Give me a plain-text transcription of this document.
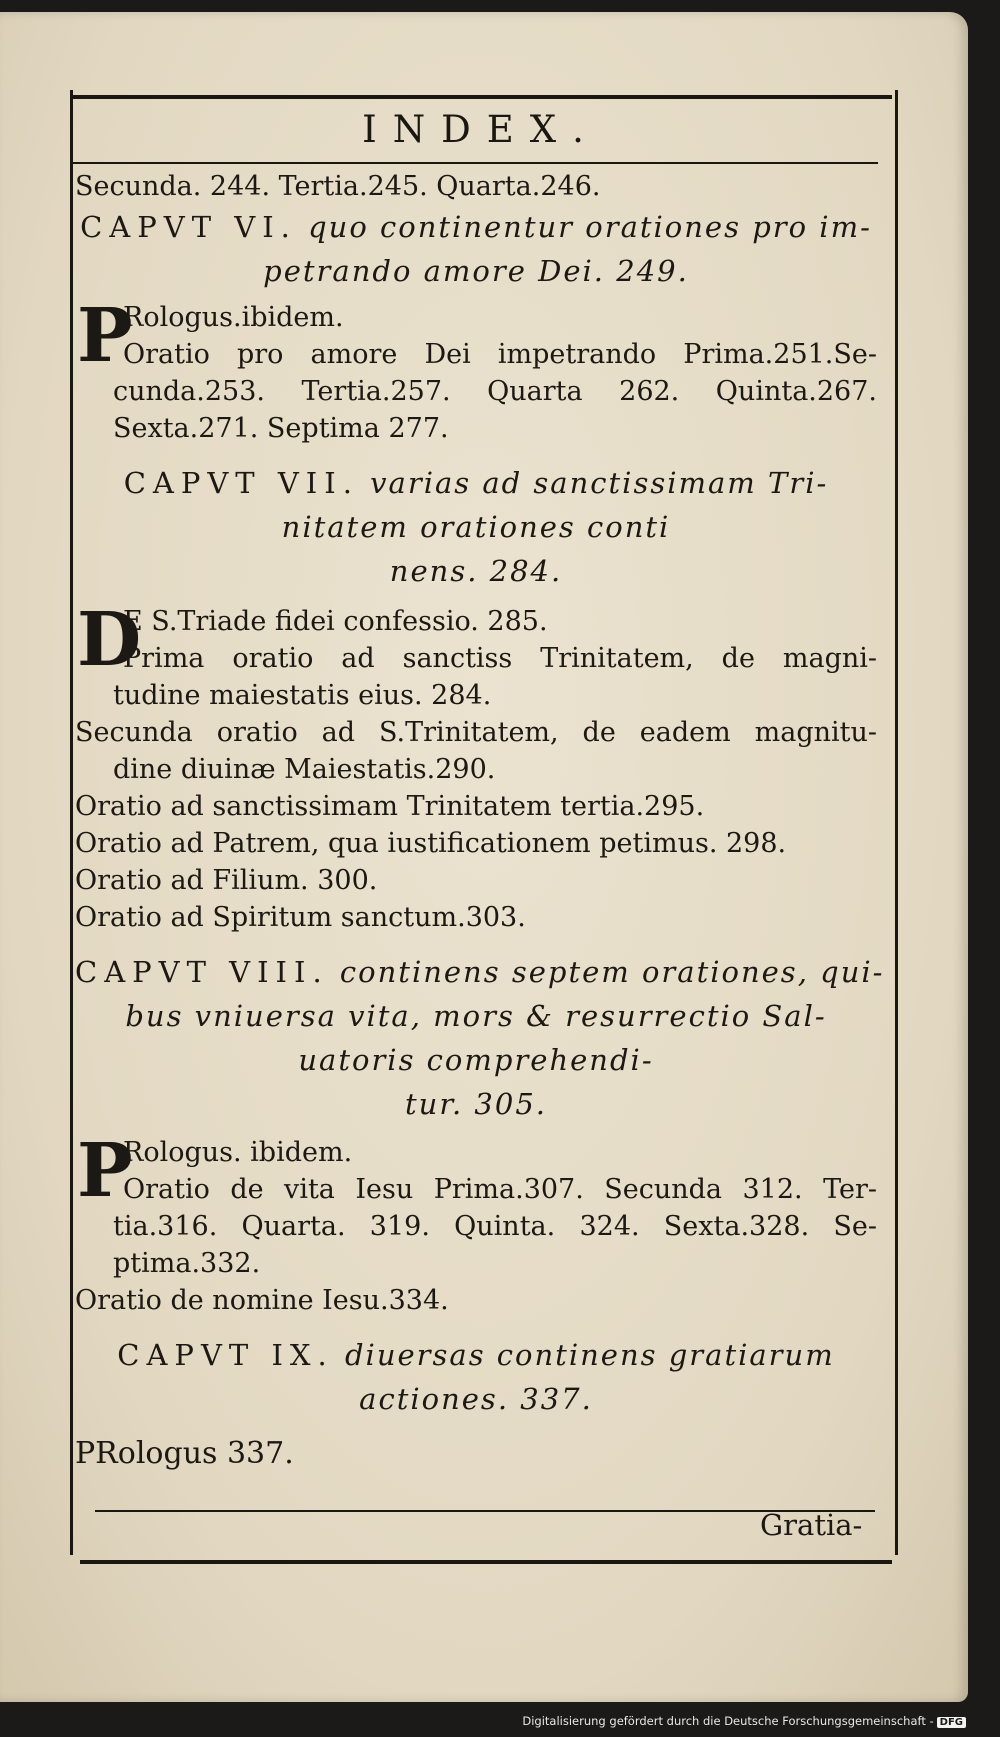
INDEX.
Secunda. 244. Tertia.245. Quarta.246.
CAPVT VI. quo continentur orationes pro im-
petrando amore Dei. 249.
P
Rologus.ibidem.
Oratio pro amore Dei impetrando Prima.251.Se-
cunda.253. Tertia.257. Quarta 262. Quinta.267.
Sexta.271. Septima 277.
CAPVT VII. varias ad sanctissimam Tri-
nitatem orationes conti
nens. 284.
D
E S.Triade fidei confessio. 285.
Prima oratio ad sanctiss Trinitatem, de magni-
tudine maiestatis eius. 284.
Secunda oratio ad S.Trinitatem, de eadem magnitu-
dine diuinæ Maiestatis.290.
Oratio ad sanctissimam Trinitatem tertia.295.
Oratio ad Patrem, qua iustificationem petimus. 298.
Oratio ad Filium. 300.
Oratio ad Spiritum sanctum.303.
CAPVT VIII. continens septem orationes, qui-
bus vniuersa vita, mors & resurrectio Sal-
uatoris comprehendi-
tur. 305.
P
Rologus. ibidem.
Oratio de vita Iesu Prima.307. Secunda 312. Ter-
tia.316. Quarta. 319. Quinta. 324. Sexta.328. Se-
ptima.332.
Oratio de nomine Iesu.334.
CAPVT IX. diuersas continens gratiarum
actiones. 337.
PRologus 337.
Gratia-
Digitalisierung gefördert durch die Deutsche Forschungsgemeinschaft - DFG
